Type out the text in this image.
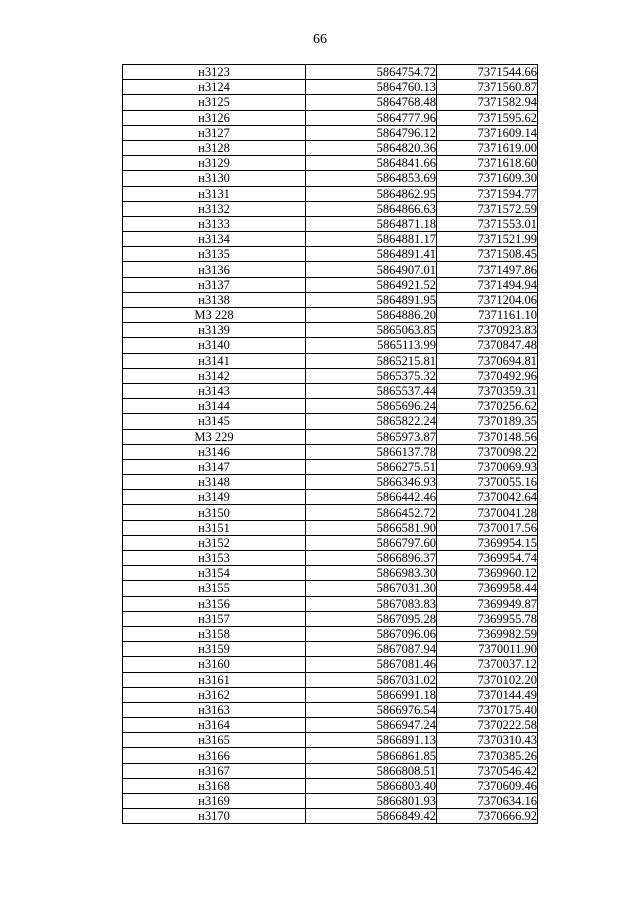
66
н3123	5864754.72	7371544.66
н3124	5864760.13	7371560.87
н3125	5864768.48	7371582.94
н3126	5864777.96	7371595.62
н3127	5864796.12	7371609.14
н3128	5864820.36	7371619.00
н3129	5864841.66	7371618.60
н3130	5864853.69	7371609.30
н3131	5864862.95	7371594.77
н3132	5864866.63	7371572.59
н3133	5864871.18	7371553.01
н3134	5864881.17	7371521.99
н3135	5864891.41	7371508.45
н3136	5864907.01	7371497.86
н3137	5864921.52	7371494.94
н3138	5864891.95	7371204.06
МЗ 228	5864886.20	7371161.10
н3139	5865063.85	7370923.83
н3140	5865113.99	7370847.48
н3141	5865215.81	7370694.81
н3142	5865375.32	7370492.96
н3143	5865537.44	7370359.31
н3144	5865696.24	7370256.62
н3145	5865822.24	7370189.35
МЗ 229	5865973.87	7370148.56
н3146	5866137.78	7370098.22
н3147	5866275.51	7370069.93
н3148	5866346.93	7370055.16
н3149	5866442.46	7370042.64
н3150	5866452.72	7370041.28
н3151	5866581.90	7370017.56
н3152	5866797.60	7369954.15
н3153	5866896.37	7369954.74
н3154	5866983.30	7369960.12
н3155	5867031.30	7369958.44
н3156	5867083.83	7369949.87
н3157	5867095.28	7369955.78
н3158	5867096.06	7369982.59
н3159	5867087.94	7370011.90
н3160	5867081.46	7370037.12
н3161	5867031.02	7370102.20
н3162	5866991.18	7370144.49
н3163	5866976.54	7370175.40
н3164	5866947.24	7370222.58
н3165	5866891.13	7370310.43
н3166	5866861.85	7370385.26
н3167	5866808.51	7370546.42
н3168	5866803.40	7370609.46
н3169	5866801.93	7370634.16
н3170	5866849.42	7370666.92
